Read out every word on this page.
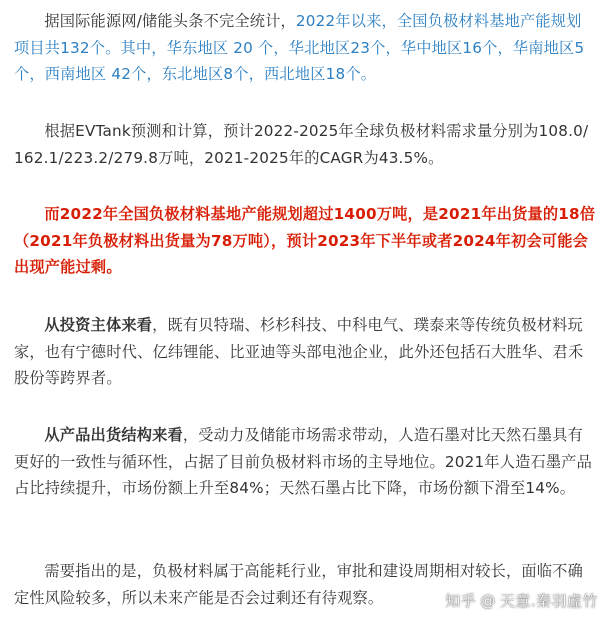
据国际能源网/储能头条不完全统计，2022年以来，全国负极材料基地产能规划项目共132个。其中，华东地区 20 个，华北地区23个，华中地区16个，华南地区5个，西南地区 42个，东北地区8个，西北地区18个。

根据EVTank预测和计算，预计2022-2025年全球负极材料需求量分别为108.0/162.1/223.2/279.8万吨，2021-2025年的CAGR为43.5%。

而2022年全国负极材料基地产能规划超过1400万吨，是2021年出货量的18倍（2021年负极材料出货量为78万吨），预计2023年下半年或者2024年初会可能会出现产能过剩。

从投资主体来看，既有贝特瑞、杉杉科技、中科电气、璞泰来等传统负极材料玩家，也有宁德时代、亿纬锂能、比亚迪等头部电池企业，此外还包括石大胜华、君禾股份等跨界者。

从产品出货结构来看，受动力及储能市场需求带动，人造石墨对比天然石墨具有更好的一致性与循环性，占据了目前负极材料市场的主导地位。2021年人造石墨产品占比持续提升，市场份额上升至84%；天然石墨占比下降，市场份额下滑至14%。

需要指出的是，负极材料属于高能耗行业，审批和建设周期相对较长，面临不确定性风险较多，所以未来产能是否会过剩还有待观察。	知乎 @ 天意.秦羽虚竹
